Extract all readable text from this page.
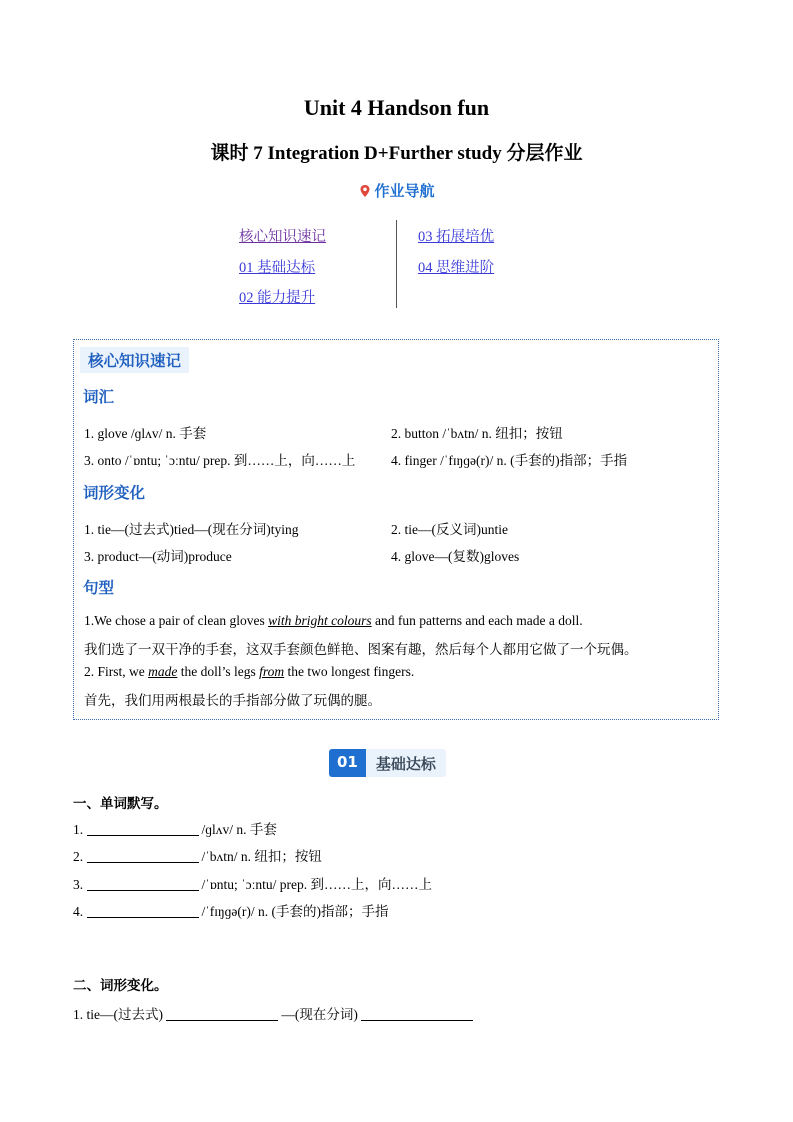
Unit 4 Handson fun
课时 7 Integration D+Further study 分层作业
作业导航
核心知识速记
01 基础达标
02 能力提升
03 拓展培优
04 思维进阶
核心知识速记
词汇
1. glove /ɡlʌv/ n. 手套	2. button /ˈbʌtn/ n. 纽扣；按钮
3. onto /ˈɒntu; ˈɔːntu/ prep. 到……上，向……上	4. finger /ˈfɪŋɡə(r)/ n. (手套的)指部；手指
词形变化
1. tie—(过去式)tied—(现在分词)tying	2. tie—(反义词)untie
3. product—(动词)produce	4. glove—(复数)gloves
句型
1.We chose a pair of clean gloves with bright colours and fun patterns and each made a doll.
我们选了一双干净的手套，这双手套颜色鲜艳、图案有趣，然后每个人都用它做了一个玩偶。
2. First, we made the doll’s legs from the two longest fingers.
首先，我们用两根最长的手指部分做了玩偶的腿。
01	基础达标
一、单词默写。
1.	/ɡlʌv/ n. 手套
2.	/ˈbʌtn/ n. 纽扣；按钮
3.	/ˈɒntu; ˈɔːntu/ prep. 到……上，向……上
4.	/ˈfɪŋɡə(r)/ n. (手套的)指部；手指
二、词形变化。
1. tie—(过去式)	—(现在分词)
